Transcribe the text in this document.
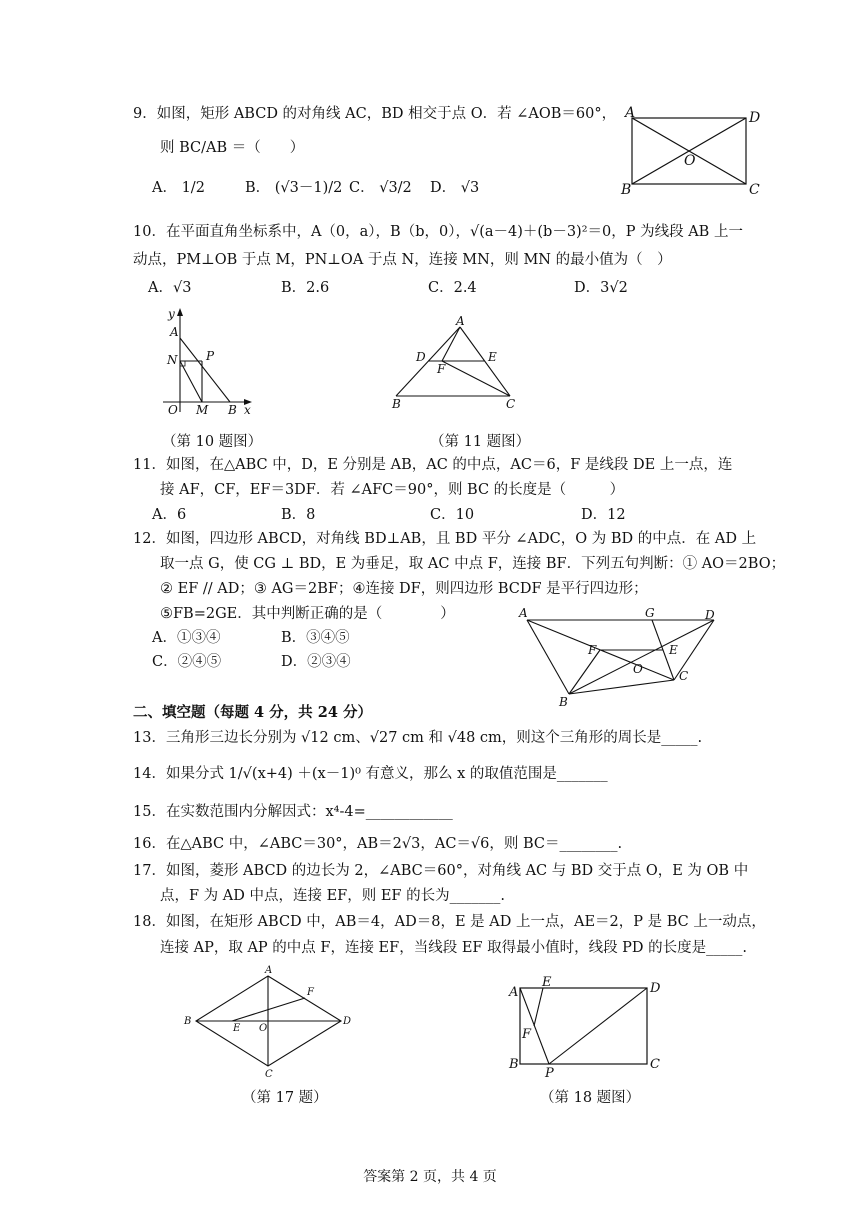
9．如图，矩形 ABCD 的对角线 AC，BD 相交于点 O．若 ∠AOB＝60°，
则 BC/AB ＝（　　）
A． 1/2	B． (√3－1)/2 C． √3/2 D． √3
A	D
O
B	C
10．在平面直角坐标系中，A（0，a），B（b，0），√(a－4)＋(b－3)²＝0，P 为线段 AB 上一
动点，PM⊥OB 于点 M，PN⊥OA 于点 N，连接 MN，则 MN 的最小值为（　）
A．√3	B．2.6	C．2.4	D．3√2
y
A
N P
O M B x
（第 10 题图）
A
D	E
F
B	C
（第 11 题图）
11．如图，在△ABC 中，D，E 分别是 AB，AC 的中点，AC＝6，F 是线段 DE 上一点，连
接 AF，CF，EF＝3DF．若 ∠AFC＝90°，则 BC 的长度是（　　　）
A．6	B．8	C．10	D．12
12．如图，四边形 ABCD，对角线 BD⊥AB，且 BD 平分 ∠ADC，O 为 BD 的中点．在 AD 上
取一点 G，使 CG ⊥ BD，E 为垂足，取 AC 中点 F，连接 BF．下列五句判断：① AO＝2BO；
② EF // AD；③ AG＝2BF；④连接 DF，则四边形 BCDF 是平行四边形；
⑤FB=2GE．其中判断正确的是（　　　　）
A．①③④	B．③④⑤
C．②④⑤	D．②③④
A	G	D
F	E
O	C
B
二、填空题（每题 4 分，共 24 分）
13．三角形三边长分别为 √12 cm、√27 cm 和 √48 cm，则这个三角形的周长是_____.
14．如果分式 1/√(x+4) ＋(x－1)⁰ 有意义，那么 x 的取值范围是_______
15．在实数范围内分解因式：x⁴-4=____________
16．在△ABC 中，∠ABC＝30°，AB＝2√3，AC＝√6，则 BC＝________.
17．如图，菱形 ABCD 的边长为 2，∠ABC＝60°，对角线 AC 与 BD 交于点 O，E 为 OB 中
点，F 为 AD 中点，连接 EF，则 EF 的长为_______.
18．如图，在矩形 ABCD 中，AB＝4，AD＝8，E 是 AD 上一点，AE＝2，P 是 BC 上一动点，
连接 AP，取 AP 的中点 F，连接 EF，当线段 EF 取得最小值时，线段 PD 的长度是_____.
A
F
B
E O
D
C
（第 17 题）
E
A	D
F
B
P
C
（第 18 题图）
答案第 2 页，共 4 页
